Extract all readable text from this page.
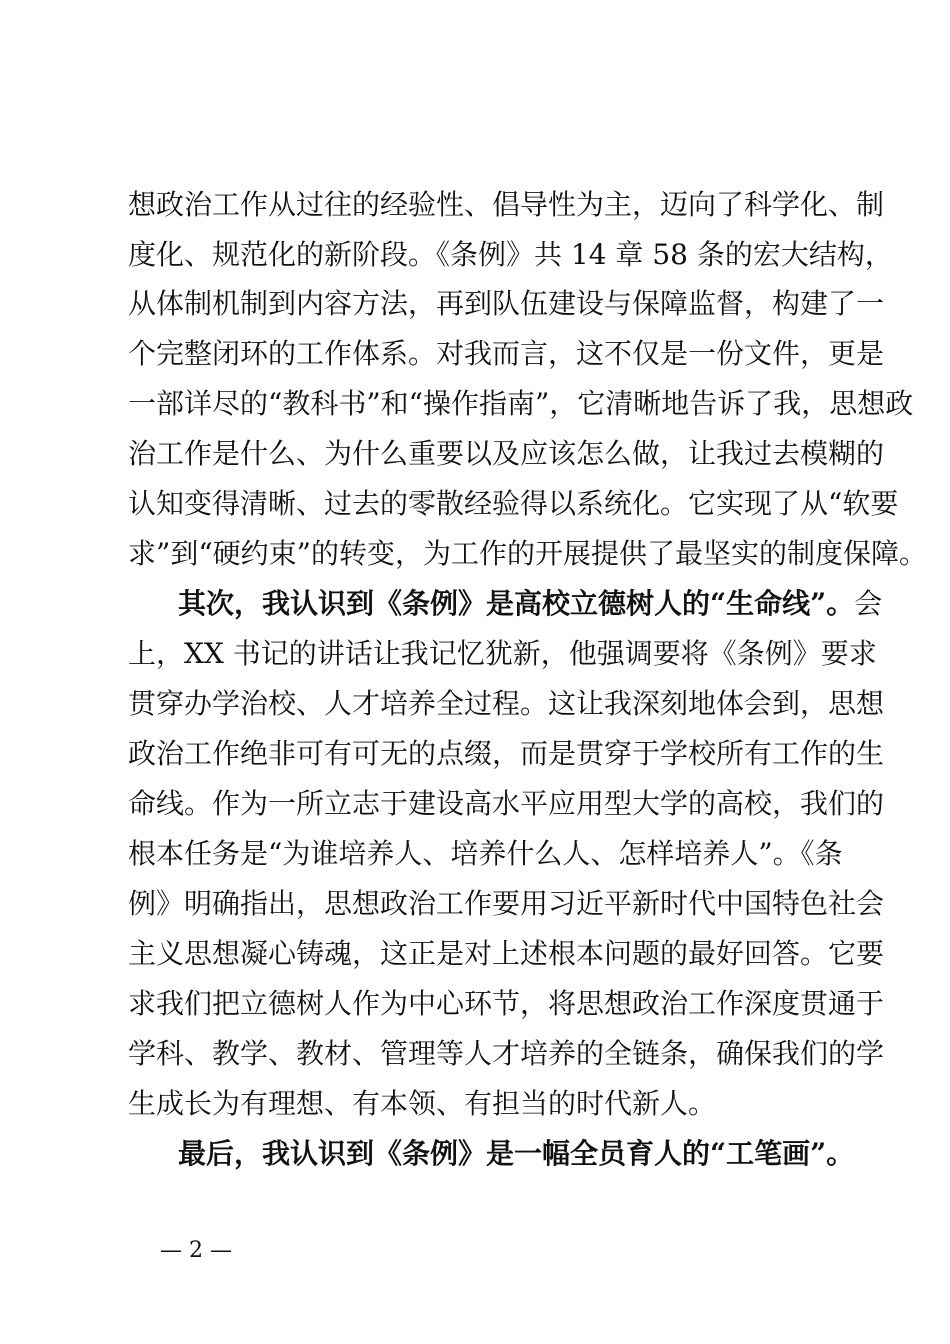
想政治工作从过往的经验性、倡导性为主，迈向了科学化、制
度化、规范化的新阶段。《条例》共 14 章 58 条的宏大结构，
从体制机制到内容方法，再到队伍建设与保障监督，构建了一
个完整闭环的工作体系。对我而言，这不仅是一份文件，更是
一部详尽的“教科书”和“操作指南”，它清晰地告诉了我，思想政
治工作是什么、为什么重要以及应该怎么做，让我过去模糊的
认知变得清晰、过去的零散经验得以系统化。它实现了从“软要
求”到“硬约束”的转变，为工作的开展提供了最坚实的制度保障。
其次，我认识到《条例》是高校立德树人的“生命线”。会
上，XX 书记的讲话让我记忆犹新，他强调要将《条例》要求
贯穿办学治校、人才培养全过程。这让我深刻地体会到，思想
政治工作绝非可有可无的点缀，而是贯穿于学校所有工作的生
命线。作为一所立志于建设高水平应用型大学的高校，我们的
根本任务是“为谁培养人、培养什么人、怎样培养人”。《条
例》明确指出，思想政治工作要用习近平新时代中国特色社会
主义思想凝心铸魂，这正是对上述根本问题的最好回答。它要
求我们把立德树人作为中心环节，将思想政治工作深度贯通于
学科、教学、教材、管理等人才培养的全链条，确保我们的学
生成长为有理想、有本领、有担当的时代新人。
最后，我认识到《条例》是一幅全员育人的“工笔画”。
— 2 —
